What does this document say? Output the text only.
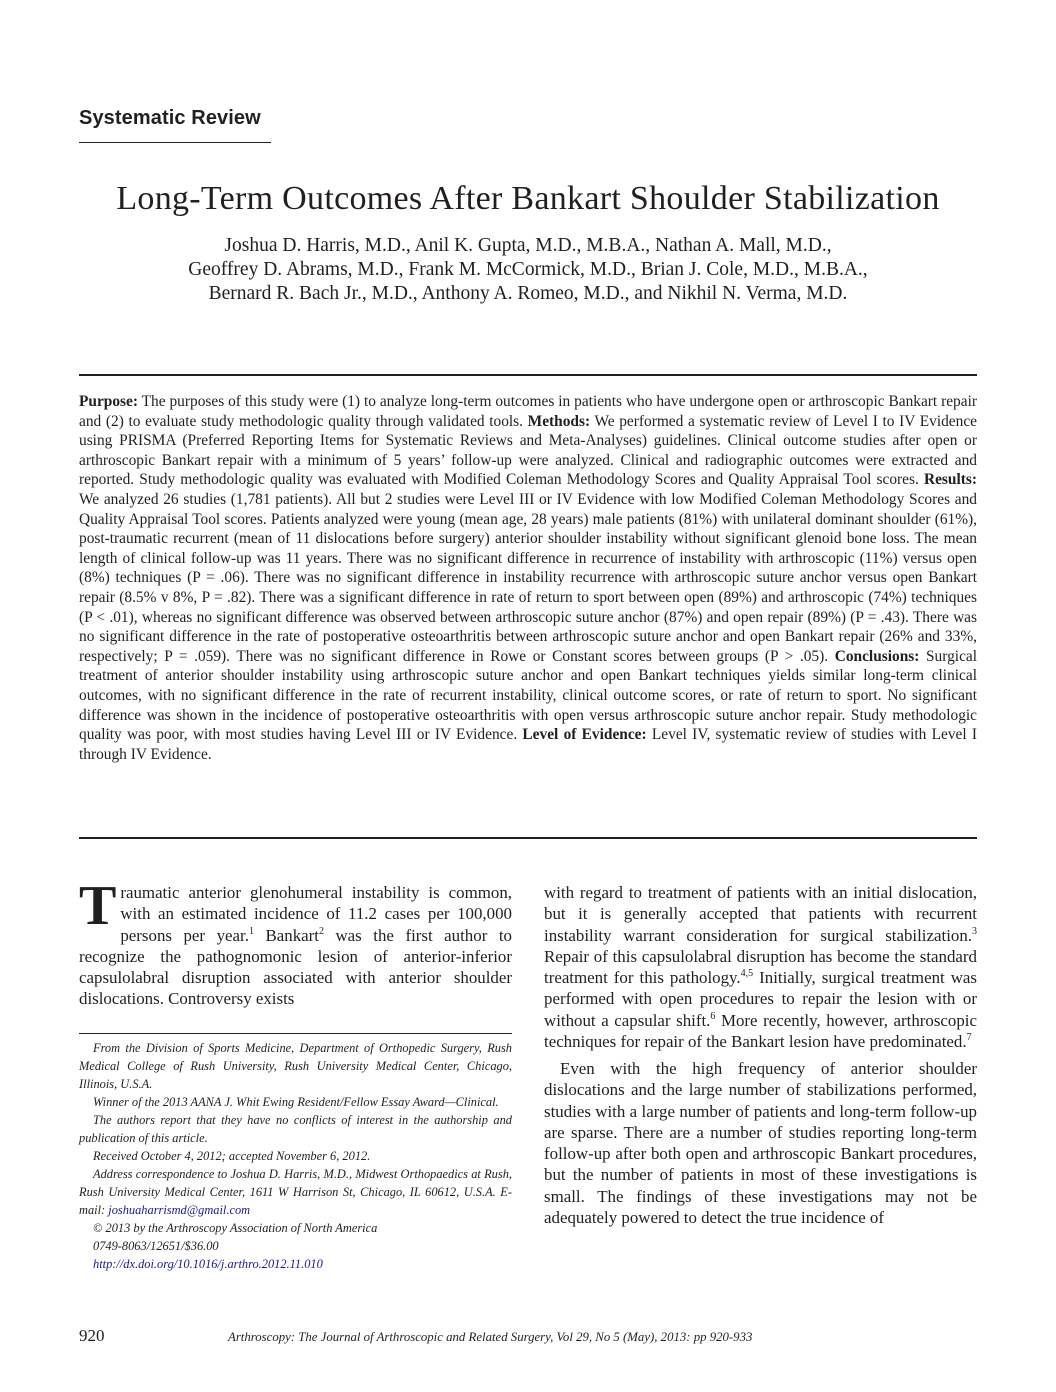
Systematic Review
Long-Term Outcomes After Bankart Shoulder Stabilization
Joshua D. Harris, M.D., Anil K. Gupta, M.D., M.B.A., Nathan A. Mall, M.D.,
Geoffrey D. Abrams, M.D., Frank M. McCormick, M.D., Brian J. Cole, M.D., M.B.A.,
Bernard R. Bach Jr., M.D., Anthony A. Romeo, M.D., and Nikhil N. Verma, M.D.

Purpose: The purposes of this study were (1) to analyze long-term outcomes in patients who have undergone open or arthroscopic Bankart repair and (2) to evaluate study methodologic quality through validated tools. Methods: We performed a systematic review of Level I to IV Evidence using PRISMA (Preferred Reporting Items for Systematic Reviews and Meta-Analyses) guidelines. Clinical outcome studies after open or arthroscopic Bankart repair with a minimum of 5 years’ follow-up were analyzed. Clinical and radiographic outcomes were extracted and reported. Study methodologic quality was evaluated with Modified Coleman Methodology Scores and Quality Appraisal Tool scores. Results: We analyzed 26 studies (1,781 patients). All but 2 studies were Level III or IV Evidence with low Modified Coleman Methodology Scores and Quality Appraisal Tool scores. Patients analyzed were young (mean age, 28 years) male patients (81%) with unilateral dominant shoulder (61%), post-traumatic recurrent (mean of 11 dislocations before surgery) anterior shoulder instability without significant glenoid bone loss. The mean length of clinical follow-up was 11 years. There was no significant difference in recurrence of instability with arthroscopic (11%) versus open (8%) techniques (P = .06). There was no significant difference in instability recurrence with arthroscopic suture anchor versus open Bankart repair (8.5% v 8%, P = .82). There was a significant difference in rate of return to sport between open (89%) and arthroscopic (74%) techniques (P < .01), whereas no significant difference was observed between arthroscopic suture anchor (87%) and open repair (89%) (P = .43). There was no significant difference in the rate of postoperative osteoarthritis between arthroscopic suture anchor and open Bankart repair (26% and 33%, respectively; P = .059). There was no significant difference in Rowe or Constant scores between groups (P > .05). Conclusions: Surgical treatment of anterior shoulder instability using arthroscopic suture anchor and open Bankart techniques yields similar long-term clinical outcomes, with no significant difference in the rate of recurrent instability, clinical outcome scores, or rate of return to sport. No significant difference was shown in the incidence of postoperative osteoarthritis with open versus arthroscopic suture anchor repair. Study methodologic quality was poor, with most studies having Level III or IV Evidence. Level of Evidence: Level IV, systematic review of studies with Level I through IV Evidence.

Traumatic anterior glenohumeral instability is common, with an estimated incidence of 11.2 cases per 100,000 persons per year.$^1$ Bankart$^2$ was the first author to recognize the pathognomonic lesion of anterior-inferior capsulolabral disruption associated with anterior shoulder dislocations. Controversy exists

From the Division of Sports Medicine, Department of Orthopedic Surgery, Rush Medical College of Rush University, Rush University Medical Center, Chicago, Illinois, U.S.A.

Winner of the 2013 AANA J. Whit Ewing Resident/Fellow Essay Award—Clinical.

The authors report that they have no conflicts of interest in the authorship and publication of this article.

Received October 4, 2012; accepted November 6, 2012.

Address correspondence to Joshua D. Harris, M.D., Midwest Orthopaedics at Rush, Rush University Medical Center, 1611 W Harrison St, Chicago, IL 60612, U.S.A. E-mail: joshuaharrismd@gmail.com

© 2013 by the Arthroscopy Association of North America

0749-8063/12651/$36.00

http://dx.doi.org/10.1016/j.arthro.2012.11.010

with regard to treatment of patients with an initial dislocation, but it is generally accepted that patients with recurrent instability warrant consideration for surgical stabilization.$^3$ Repair of this capsulolabral disruption has become the standard treatment for this pathology.$^{4,5}$ Initially, surgical treatment was performed with open procedures to repair the lesion with or without a capsular shift.$^6$ More recently, however, arthroscopic techniques for repair of the Bankart lesion have predominated.$^7$

Even with the high frequency of anterior shoulder dislocations and the large number of stabilizations performed, studies with a large number of patients and long-term follow-up are sparse. There are a number of studies reporting long-term follow-up after both open and arthroscopic Bankart procedures, but the number of patients in most of these investigations is small. The findings of these investigations may not be adequately powered to detect the true incidence of

920	Arthroscopy: The Journal of Arthroscopic and Related Surgery, Vol 29, No 5 (May), 2013: pp 920-933
